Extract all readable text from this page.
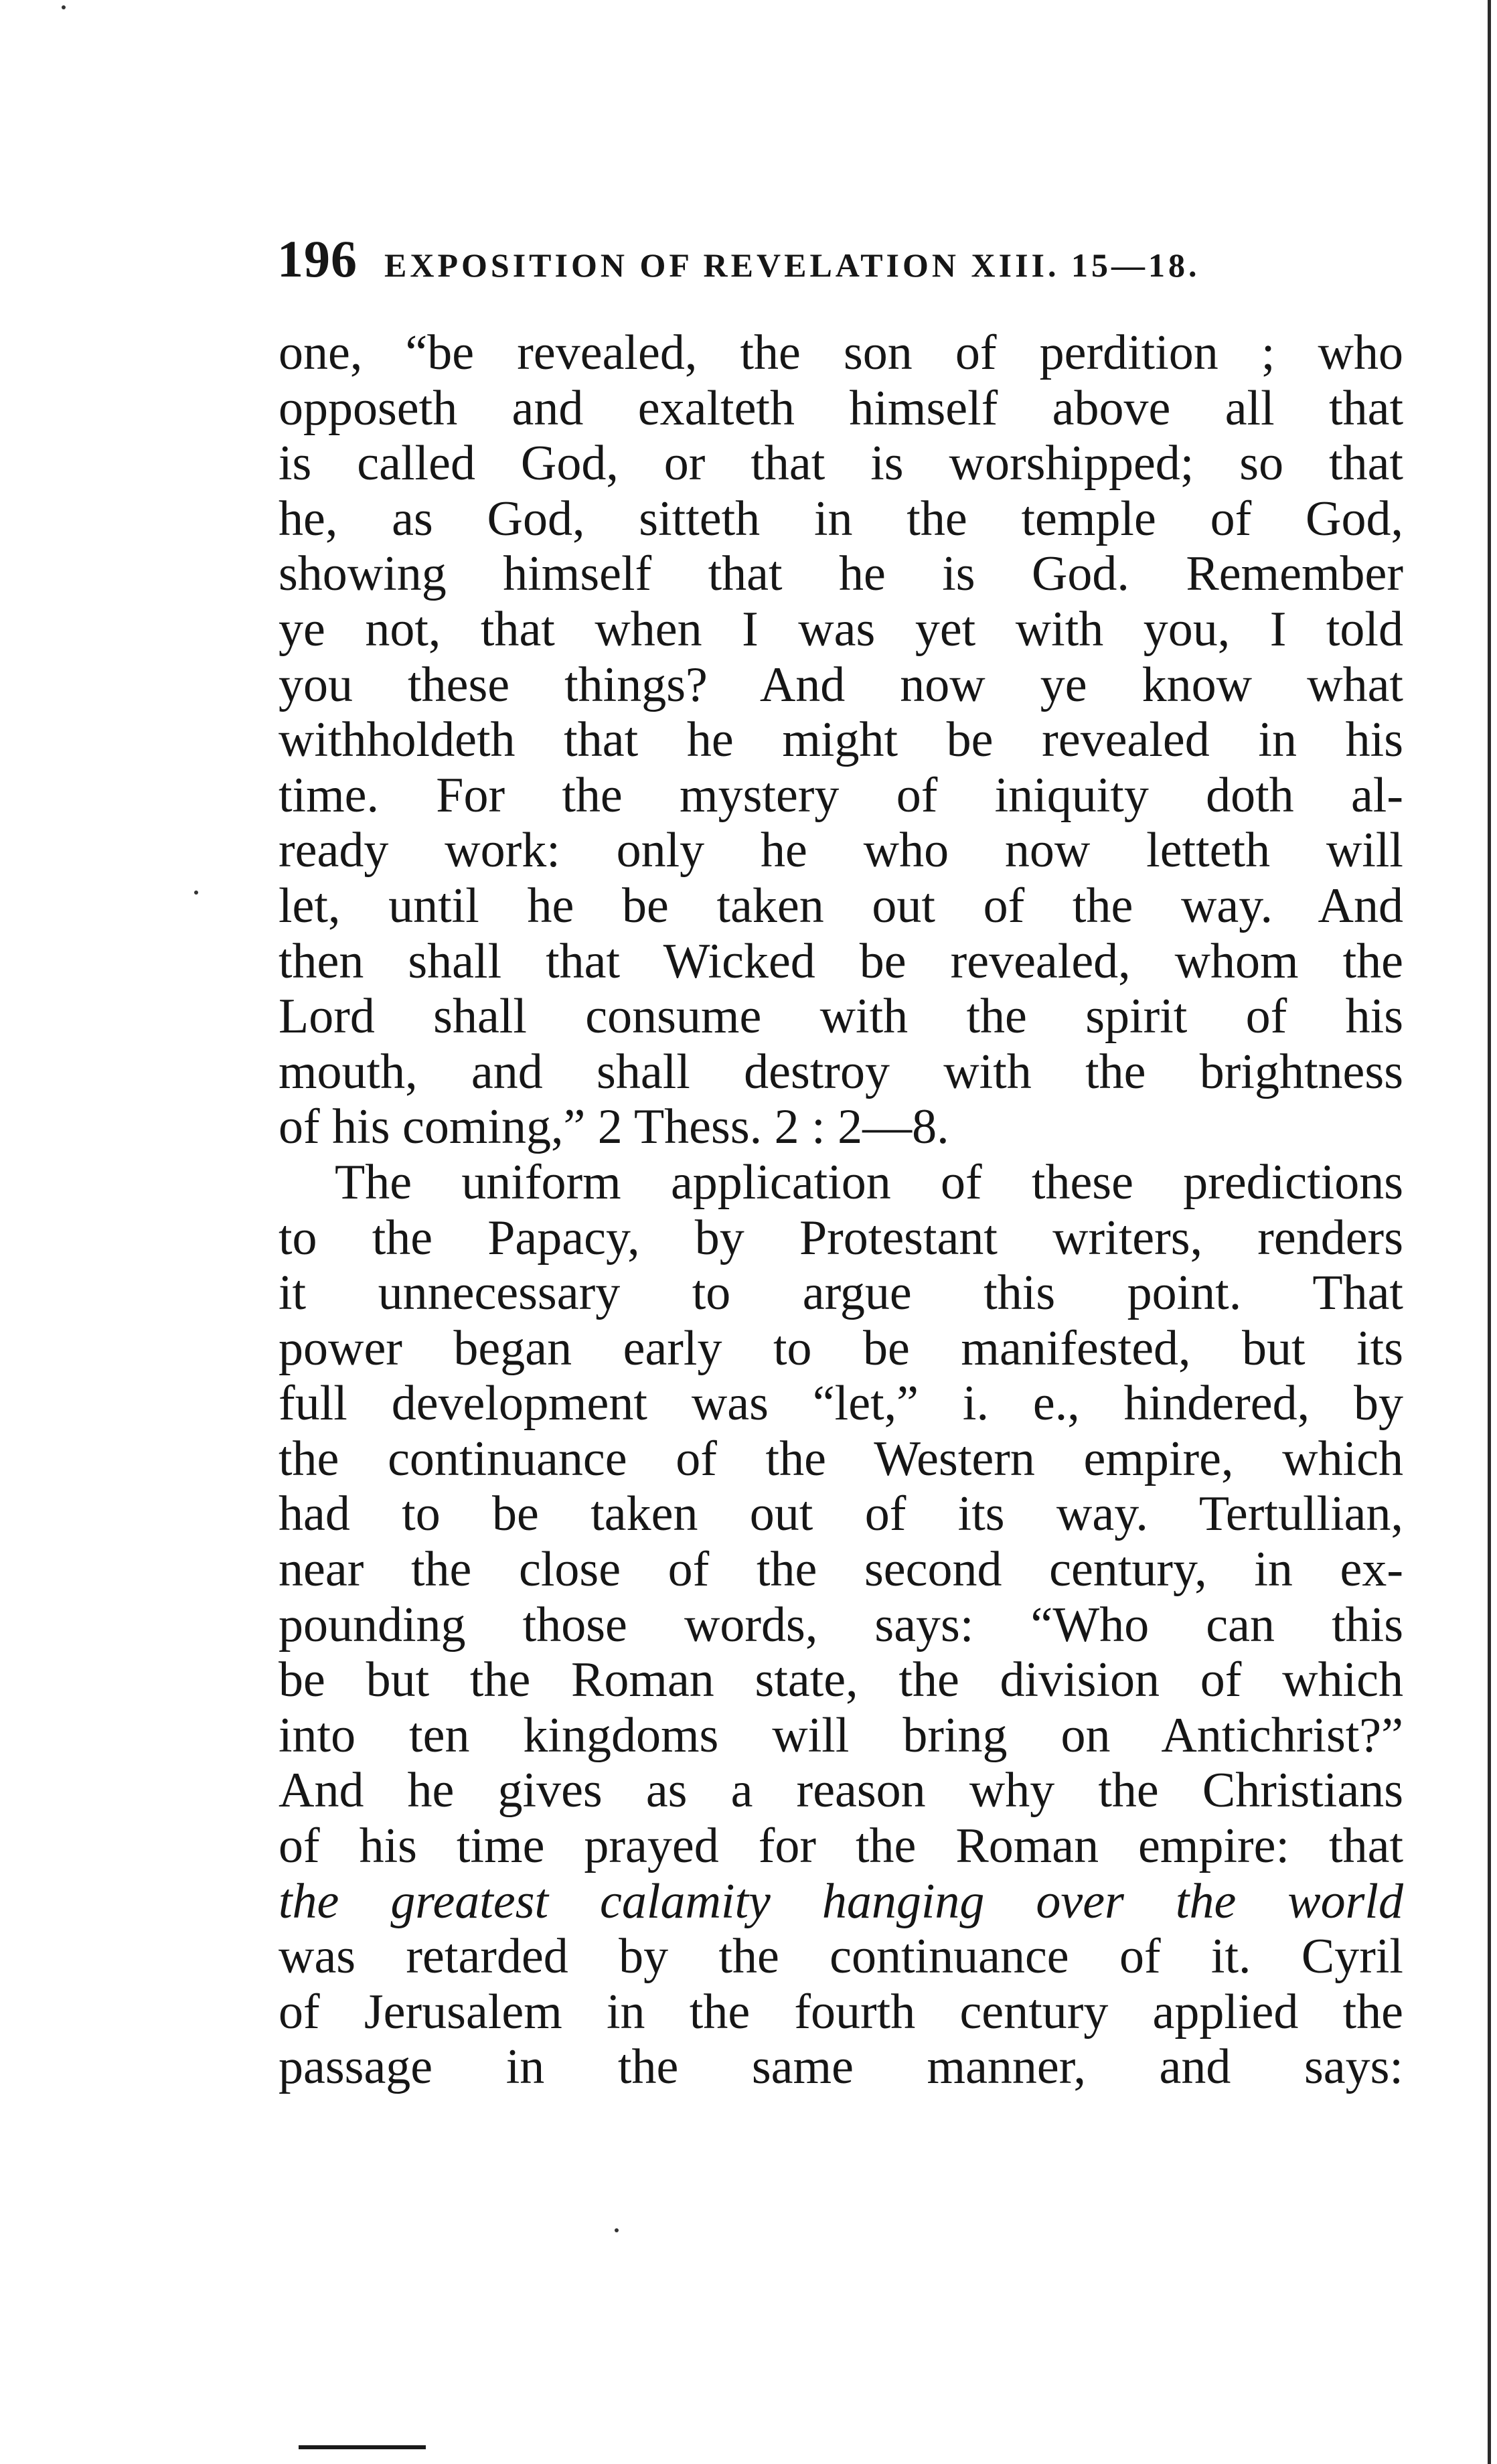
196 EXPOSITION OF REVELATION XIII. 15—18.
one, “be revealed, the son of perdition ; who
opposeth and exalteth himself above all that
is called God, or that is worshipped; so that
he, as God, sitteth in the temple of God,
showing himself that he is God. Remember
ye not, that when I was yet with you, I told
you these things? And now ye know what
withholdeth that he might be revealed in his
time. For the mystery of iniquity doth al-
ready work: only he who now letteth will
let, until he be taken out of the way. And
then shall that Wicked be revealed, whom the
Lord shall consume with the spirit of his
mouth, and shall destroy with the brightness
of his coming,” 2 Thess. 2 : 2—8.
The uniform application of these predictions
to the Papacy, by Protestant writers, renders
it unnecessary to argue this point. That
power began early to be manifested, but its
full development was “let,” i. e., hindered, by
the continuance of the Western empire, which
had to be taken out of its way. Tertullian,
near the close of the second century, in ex-
pounding those words, says: “Who can this
be but the Roman state, the division of which
into ten kingdoms will bring on Antichrist?”
And he gives as a reason why the Christians
of his time prayed for the Roman empire: that
the greatest calamity hanging over the world
was retarded by the continuance of it. Cyril
of Jerusalem in the fourth century applied the
passage in the same manner, and says:
